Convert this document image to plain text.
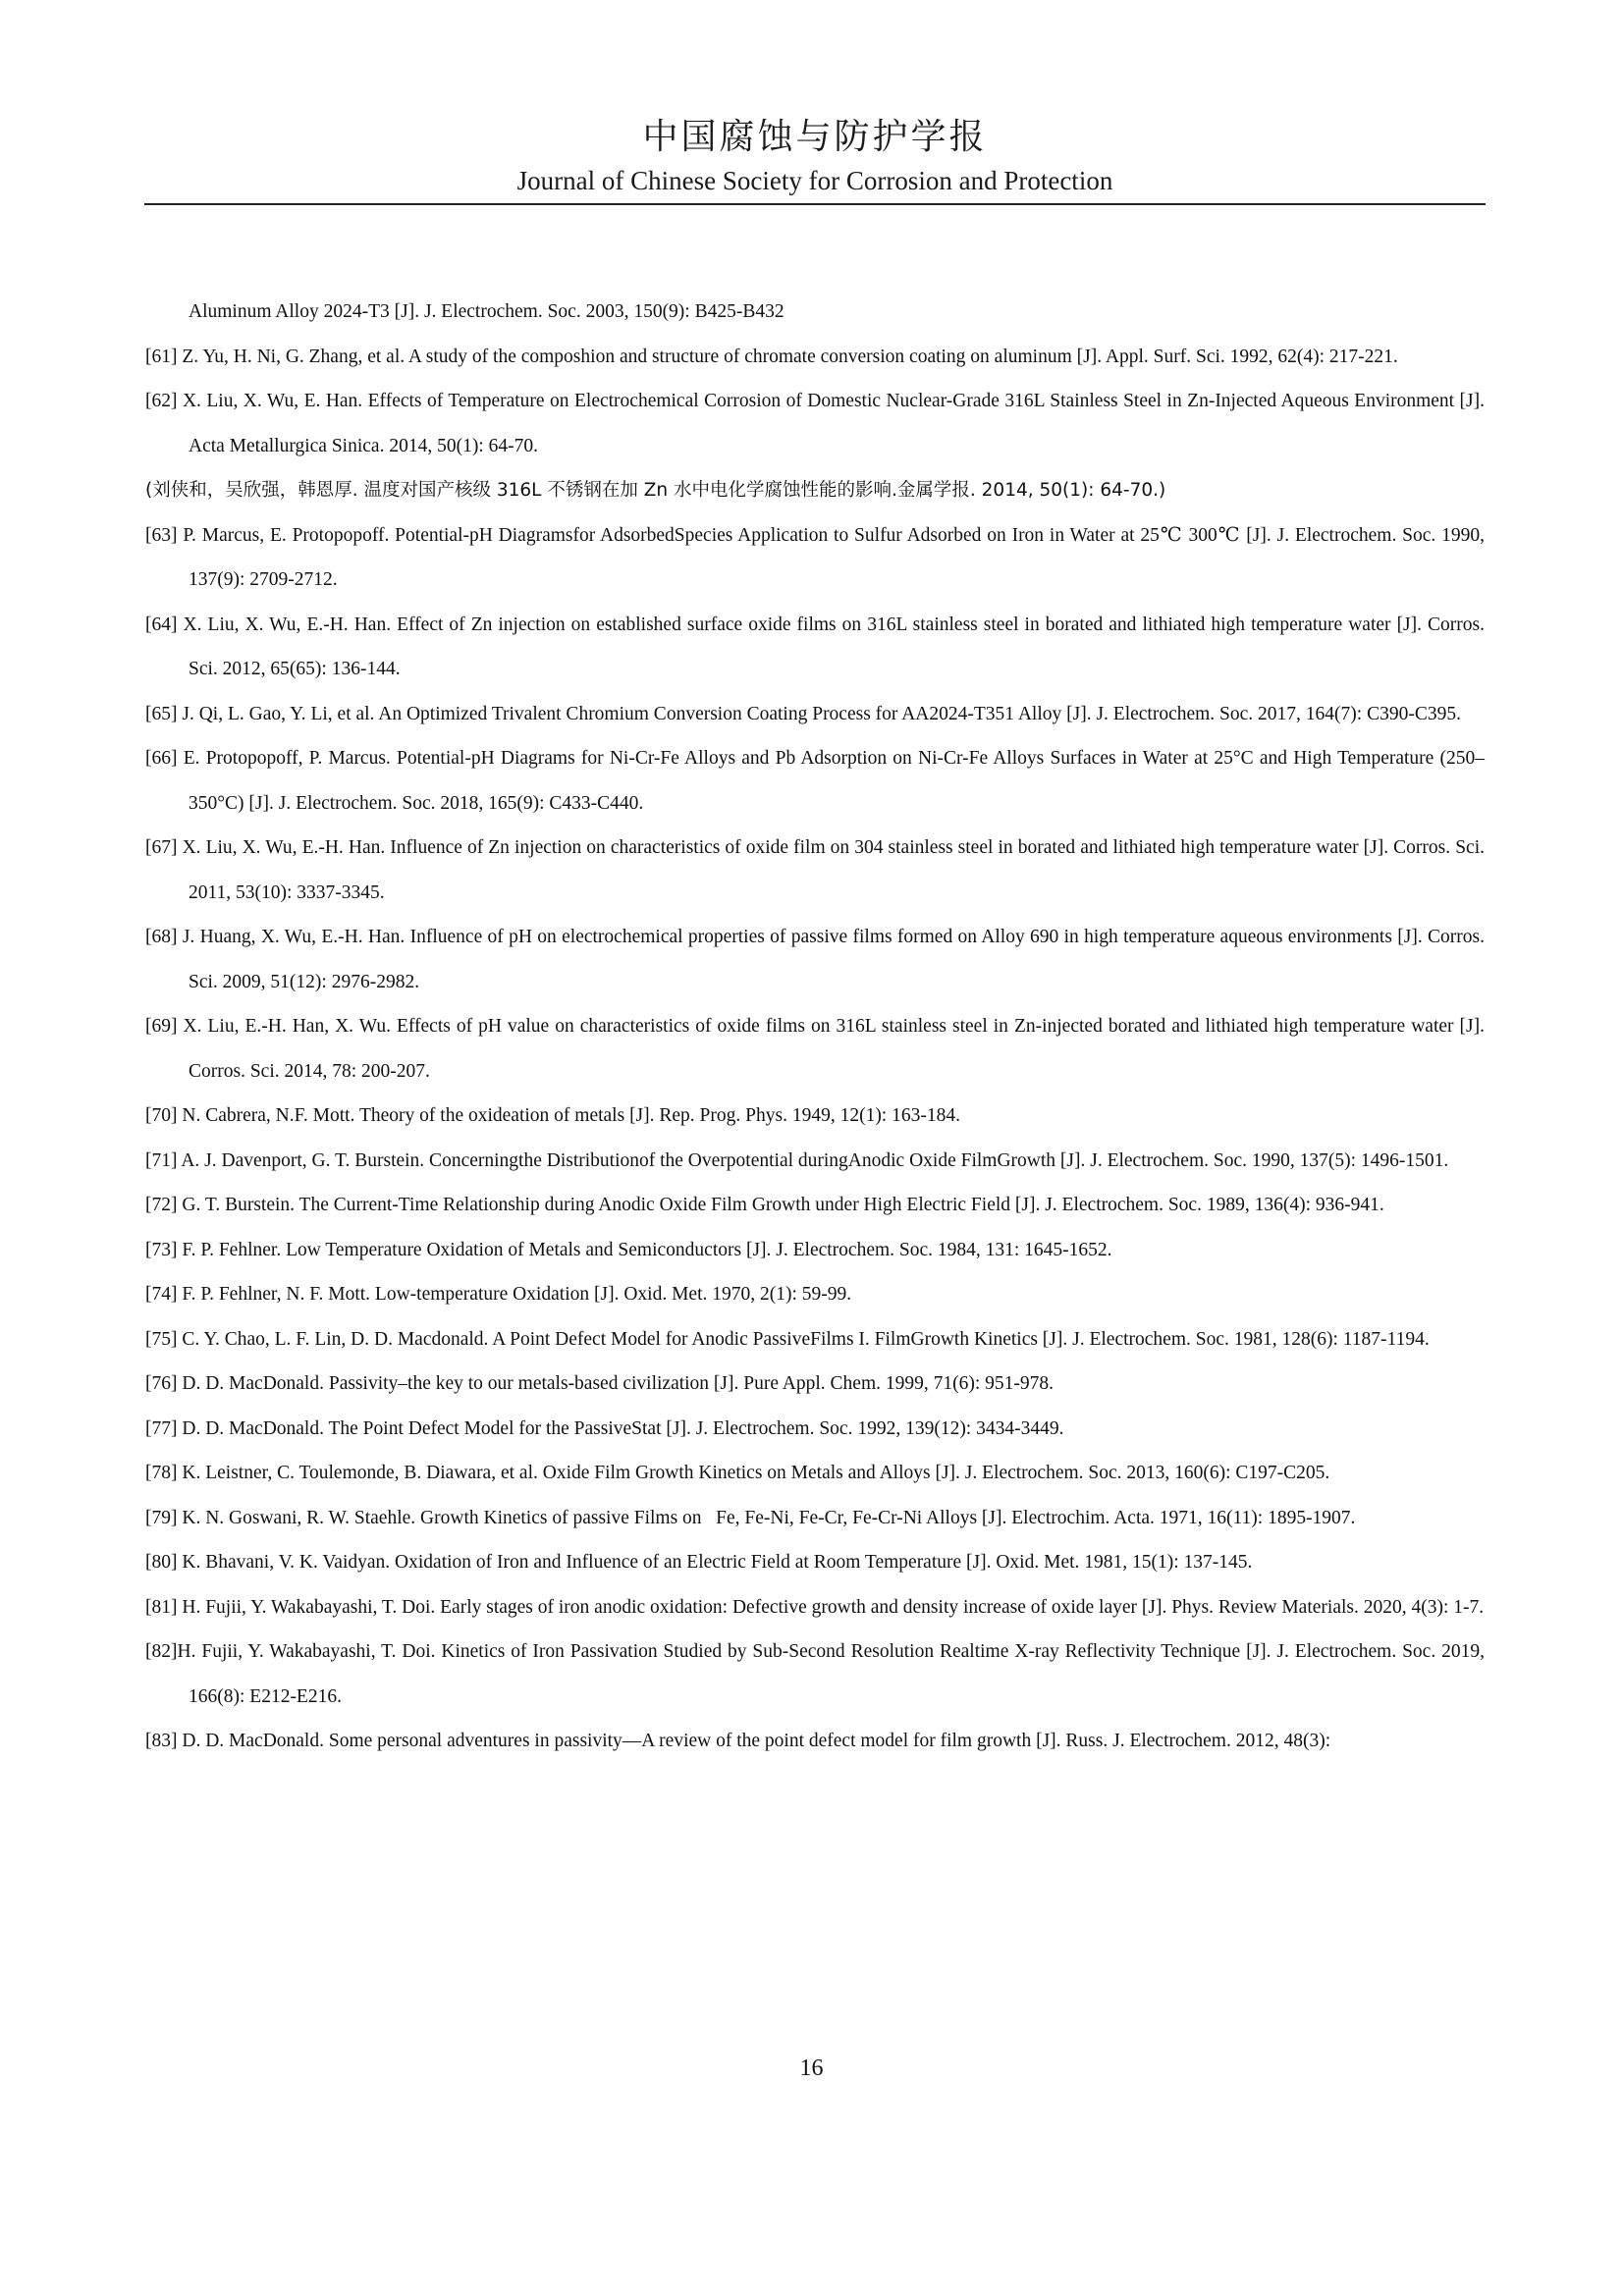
中国腐蚀与防护学报
Journal of Chinese Society for Corrosion and Protection
Aluminum Alloy 2024-T3 [J]. J. Electrochem. Soc. 2003, 150(9): B425-B432
[61] Z. Yu, H. Ni, G. Zhang, et al. A study of the composhion and structure of chromate conversion coating on aluminum [J]. Appl. Surf. Sci. 1992, 62(4): 217-221.
[62] X. Liu, X. Wu, E. Han. Effects of Temperature on Electrochemical Corrosion of Domestic Nuclear-Grade 316L Stainless Steel in Zn-Injected Aqueous Environment [J]. Acta Metallurgica Sinica. 2014, 50(1): 64-70.
(刘侠和，吴欣强，韩恩厚. 温度对国产核级 316L 不锈钢在加 Zn 水中电化学腐蚀性能的影响.金属学报. 2014, 50(1): 64-70.)
[63] P. Marcus, E. Protopopoff. Potential-pH Diagramsfor AdsorbedSpecies Application to Sulfur Adsorbed on Iron in Water at 25℃ 300℃ [J]. J. Electrochem. Soc. 1990, 137(9): 2709-2712.
[64] X. Liu, X. Wu, E.-H. Han. Effect of Zn injection on established surface oxide films on 316L stainless steel in borated and lithiated high temperature water [J]. Corros. Sci. 2012, 65(65): 136-144.
[65] J. Qi, L. Gao, Y. Li, et al. An Optimized Trivalent Chromium Conversion Coating Process for AA2024-T351 Alloy [J]. J. Electrochem. Soc. 2017, 164(7): C390-C395.
[66] E. Protopopoff, P. Marcus. Potential-pH Diagrams for Ni-Cr-Fe Alloys and Pb Adsorption on Ni-Cr-Fe Alloys Surfaces in Water at 25°C and High Temperature (250–350°C) [J]. J. Electrochem. Soc. 2018, 165(9): C433-C440.
[67] X. Liu, X. Wu, E.-H. Han. Influence of Zn injection on characteristics of oxide film on 304 stainless steel in borated and lithiated high temperature water [J]. Corros. Sci. 2011, 53(10): 3337-3345.
[68] J. Huang, X. Wu, E.-H. Han. Influence of pH on electrochemical properties of passive films formed on Alloy 690 in high temperature aqueous environments [J]. Corros. Sci. 2009, 51(12): 2976-2982.
[69] X. Liu, E.-H. Han, X. Wu. Effects of pH value on characteristics of oxide films on 316L stainless steel in Zn-injected borated and lithiated high temperature water [J]. Corros. Sci. 2014, 78: 200-207.
[70] N. Cabrera, N.F. Mott. Theory of the oxideation of metals [J]. Rep. Prog. Phys. 1949, 12(1): 163-184.
[71] A. J. Davenport, G. T. Burstein. Concerningthe Distributionof the Overpotential duringAnodic Oxide FilmGrowth [J]. J. Electrochem. Soc. 1990, 137(5): 1496-1501.
[72] G. T. Burstein. The Current-Time Relationship during Anodic Oxide Film Growth under High Electric Field [J]. J. Electrochem. Soc. 1989, 136(4): 936-941.
[73] F. P. Fehlner. Low Temperature Oxidation of Metals and Semiconductors [J]. J. Electrochem. Soc. 1984, 131: 1645-1652.
[74] F. P. Fehlner, N. F. Mott. Low-temperature Oxidation [J]. Oxid. Met. 1970, 2(1): 59-99.
[75] C. Y. Chao, L. F. Lin, D. D. Macdonald. A Point Defect Model for Anodic PassiveFilms I. FilmGrowth Kinetics [J]. J. Electrochem. Soc. 1981, 128(6): 1187-1194.
[76] D. D. MacDonald. Passivity–the key to our metals-based civilization [J]. Pure Appl. Chem. 1999, 71(6): 951-978.
[77] D. D. MacDonald. The Point Defect Model for the PassiveStat [J]. J. Electrochem. Soc. 1992, 139(12): 3434-3449.
[78] K. Leistner, C. Toulemonde, B. Diawara, et al. Oxide Film Growth Kinetics on Metals and Alloys [J]. J. Electrochem. Soc. 2013, 160(6): C197-C205.
[79] K. N. Goswani, R. W. Staehle. Growth Kinetics of passive Films on   Fe, Fe-Ni, Fe-Cr, Fe-Cr-Ni Alloys [J]. Electrochim. Acta. 1971, 16(11): 1895-1907.
[80] K. Bhavani, V. K. Vaidyan. Oxidation of Iron and Influence of an Electric Field at Room Temperature [J]. Oxid. Met. 1981, 15(1): 137-145.
[81] H. Fujii, Y. Wakabayashi, T. Doi. Early stages of iron anodic oxidation: Defective growth and density increase of oxide layer [J]. Phys. Review Materials. 2020, 4(3): 1-7.
[82]H. Fujii, Y. Wakabayashi, T. Doi. Kinetics of Iron Passivation Studied by Sub-Second Resolution Realtime X-ray Reflectivity Technique [J]. J. Electrochem. Soc. 2019, 166(8): E212-E216.
[83] D. D. MacDonald. Some personal adventures in passivity—A review of the point defect model for film growth [J]. Russ. J. Electrochem. 2012, 48(3):
16
